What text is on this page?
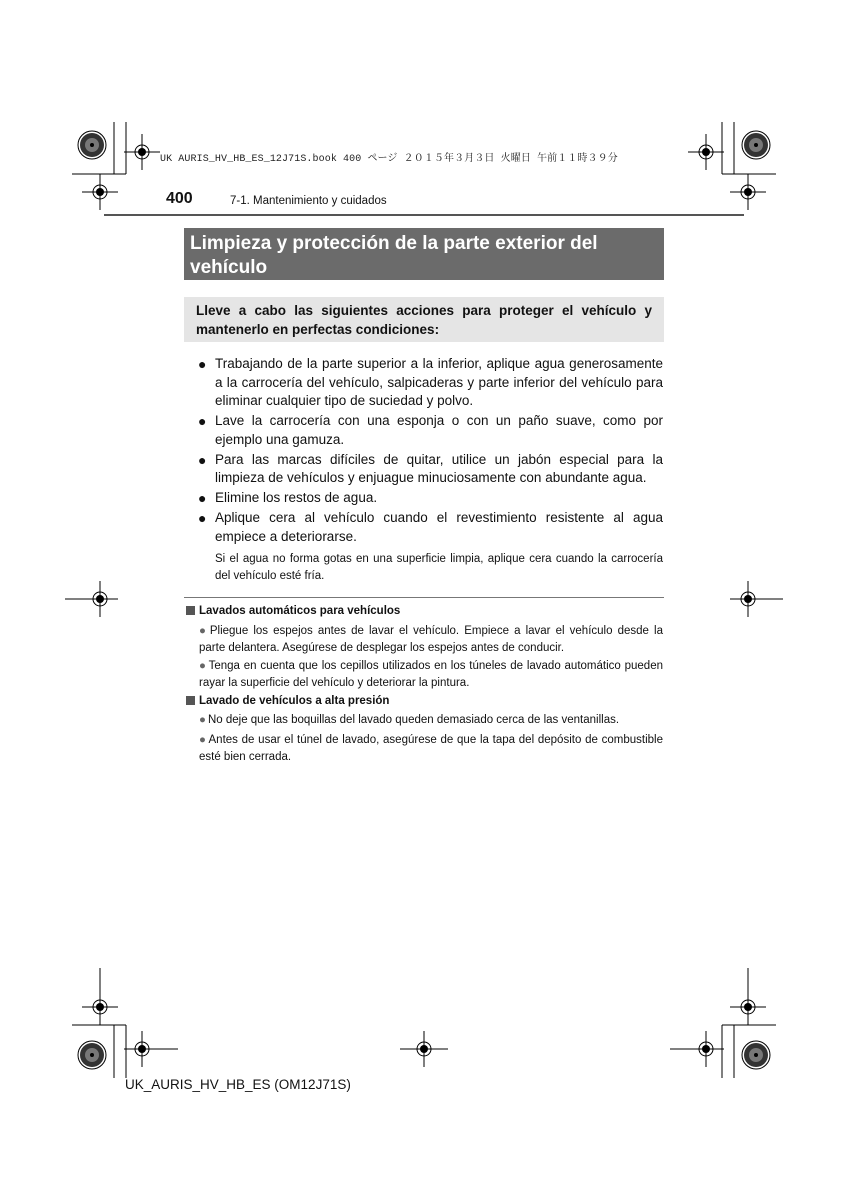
UK AURIS_HV_HB_ES_12J71S.book 400 ページ ２０１５年３月３日 火曜日 午前１１時３９分
400	7-1. Mantenimiento y cuidados
Limpieza y protección de la parte exterior del vehículo
Lleve a cabo las siguientes acciones para proteger el vehículo y mantenerlo en perfectas condiciones:
● Trabajando de la parte superior a la inferior, aplique agua generosamente a la carrocería del vehículo, salpicaderas y parte inferior del vehículo para eliminar cualquier tipo de suciedad y polvo.
● Lave la carrocería con una esponja o con un paño suave, como por ejemplo una gamuza.
● Para las marcas difíciles de quitar, utilice un jabón especial para la limpieza de vehículos y enjuague minuciosamente con abundante agua.
● Elimine los restos de agua.
● Aplique cera al vehículo cuando el revestimiento resistente al agua empiece a deteriorarse.
Si el agua no forma gotas en una superficie limpia, aplique cera cuando la carrocería del vehículo esté fría.
Lavados automáticos para vehículos
● Pliegue los espejos antes de lavar el vehículo. Empiece a lavar el vehículo desde la parte delantera. Asegúrese de desplegar los espejos antes de conducir.
● Tenga en cuenta que los cepillos utilizados en los túneles de lavado automático pueden rayar la superficie del vehículo y deteriorar la pintura.
Lavado de vehículos a alta presión
● No deje que las boquillas del lavado queden demasiado cerca de las ventanillas.
● Antes de usar el túnel de lavado, asegúrese de que la tapa del depósito de combustible esté bien cerrada.
UK_AURIS_HV_HB_ES (OM12J71S)
